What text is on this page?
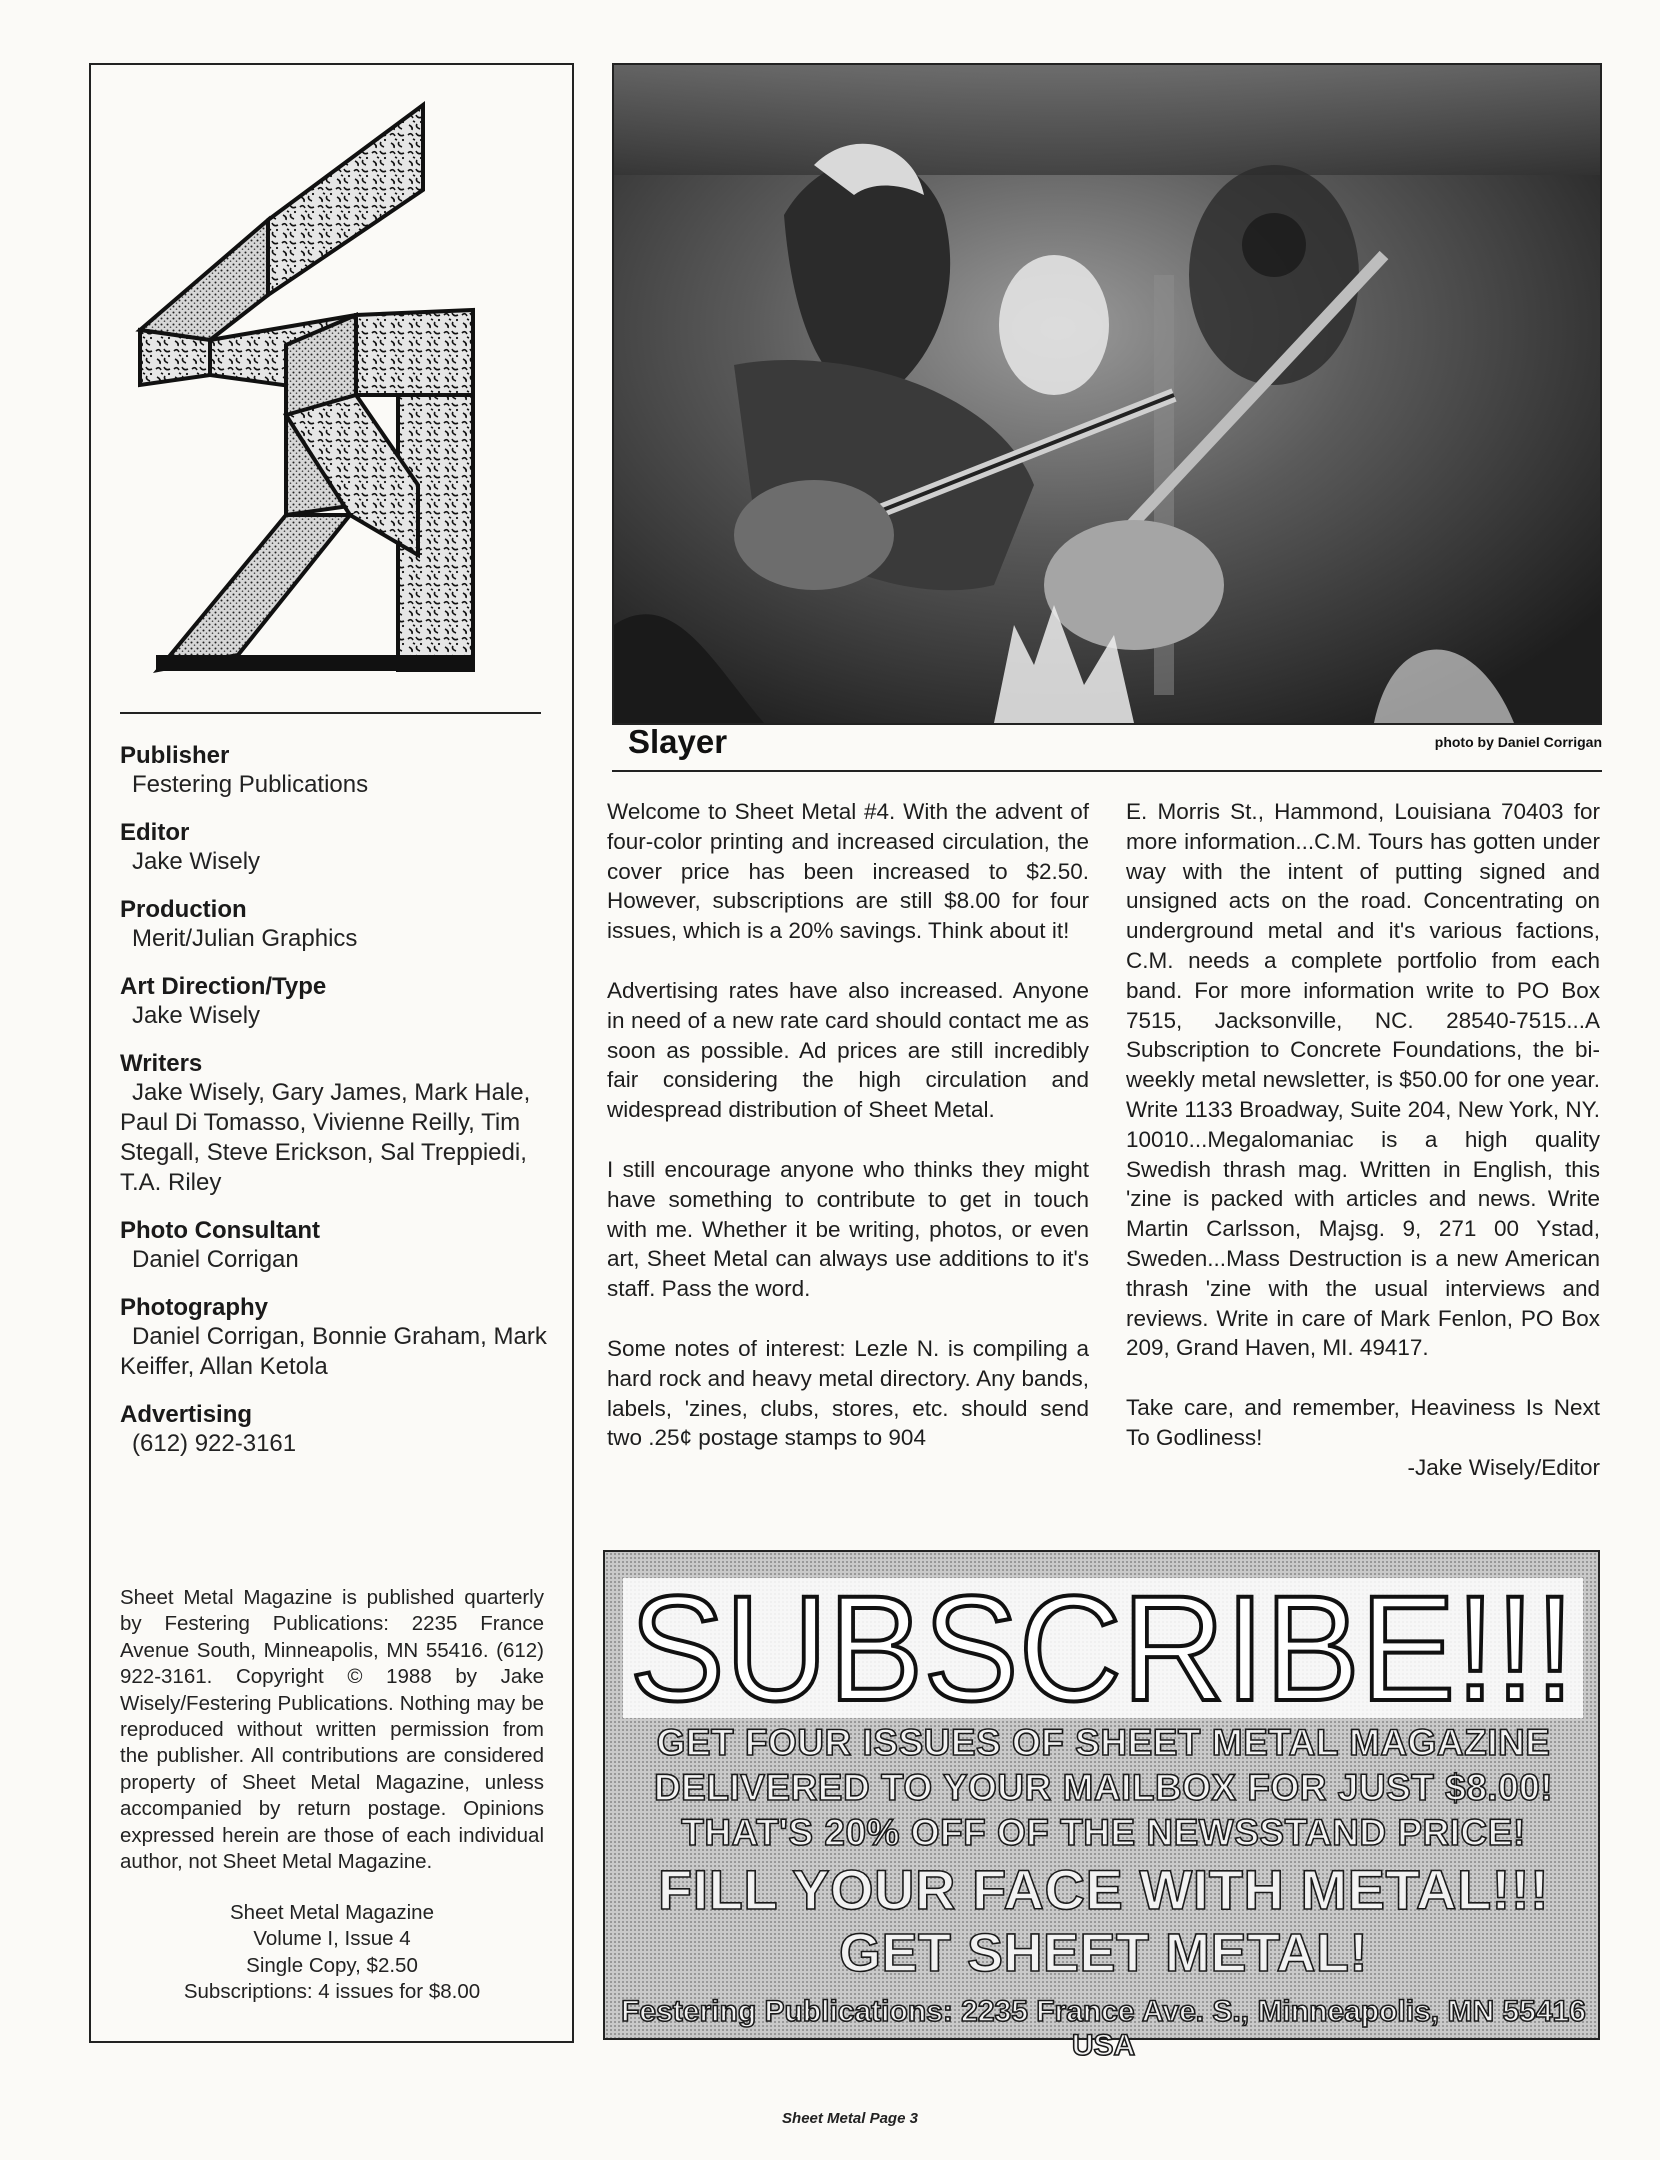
Publisher
Festering Publications
Editor
Jake Wisely
Production
Merit/Julian Graphics
Art Direction/Type
Jake Wisely
Writers
Jake Wisely, Gary James, Mark Hale, Paul Di Tomasso, Vivienne Reilly, Tim Stegall, Steve Erickson, Sal Treppiedi, T.A. Riley
Photo Consultant
Daniel Corrigan
Photography
Daniel Corrigan, Bonnie Graham, Mark Keiffer, Allan Ketola
Advertising
(612) 922-3161
Sheet Metal Magazine is published quarterly by Festering Publications: 2235 France Avenue South, Minneapolis, MN 55416. (612) 922-3161. Copyright © 1988 by Jake Wisely/Festering Publications. Nothing may be reproduced without written permission from the publisher. All contributions are considered property of Sheet Metal Magazine, unless accompanied by return postage. Opinions expressed herein are those of each individual author, not Sheet Metal Magazine.
Sheet Metal Magazine
Volume I, Issue 4
Single Copy, $2.50
Subscriptions: 4 issues for $8.00
Slayer	photo by Daniel Corrigan

Welcome to Sheet Metal #4. With the advent of four-color printing and increased circulation, the cover price has been increased to $2.50. However, subscriptions are still $8.00 for four issues, which is a 20% savings. Think about it!

Advertising rates have also increased. Anyone in need of a new rate card should contact me as soon as possible. Ad prices are still incredibly fair considering the high circulation and widespread distribution of Sheet Metal.

I still encourage anyone who thinks they might have something to contribute to get in touch with me. Whether it be writing, photos, or even art, Sheet Metal can always use additions to it's staff. Pass the word.

Some notes of interest: Lezle N. is compiling a hard rock and heavy metal directory. Any bands, labels, 'zines, clubs, stores, etc. should send two .25¢ postage stamps to 904

E. Morris St., Hammond, Louisiana 70403 for more information...C.M. Tours has gotten under way with the intent of putting signed and unsigned acts on the road. Concentrating on underground metal and it's various factions, C.M. needs a complete portfolio from each band. For more information write to PO Box 7515, Jacksonville, NC. 28540-7515...A Subscription to Concrete Foundations, the bi-weekly metal newsletter, is $50.00 for one year. Write 1133 Broadway, Suite 204, New York, NY. 10010...Megalomaniac is a high quality Swedish thrash mag. Written in English, this 'zine is packed with articles and news. Write Martin Carlsson, Majsg. 9, 271 00 Ystad, Sweden...Mass Destruction is a new American thrash 'zine with the usual interviews and reviews. Write in care of Mark Fenlon, PO Box 209, Grand Haven, MI. 49417.

Take care, and remember, Heaviness Is Next To Godliness!

-Jake Wisely/Editor
GET FOUR ISSUES OF SHEET METAL MAGAZINE
DELIVERED TO YOUR MAILBOX FOR JUST $8.00!
THAT'S 20% OFF OF THE NEWSSTAND PRICE!
FILL YOUR FACE WITH METAL!!!
GET SHEET METAL!
Festering Publications: 2235 France Ave. S., Minneapolis, MN 55416 USA
SUBSCRIBE!!!
Sheet Metal Page 3
